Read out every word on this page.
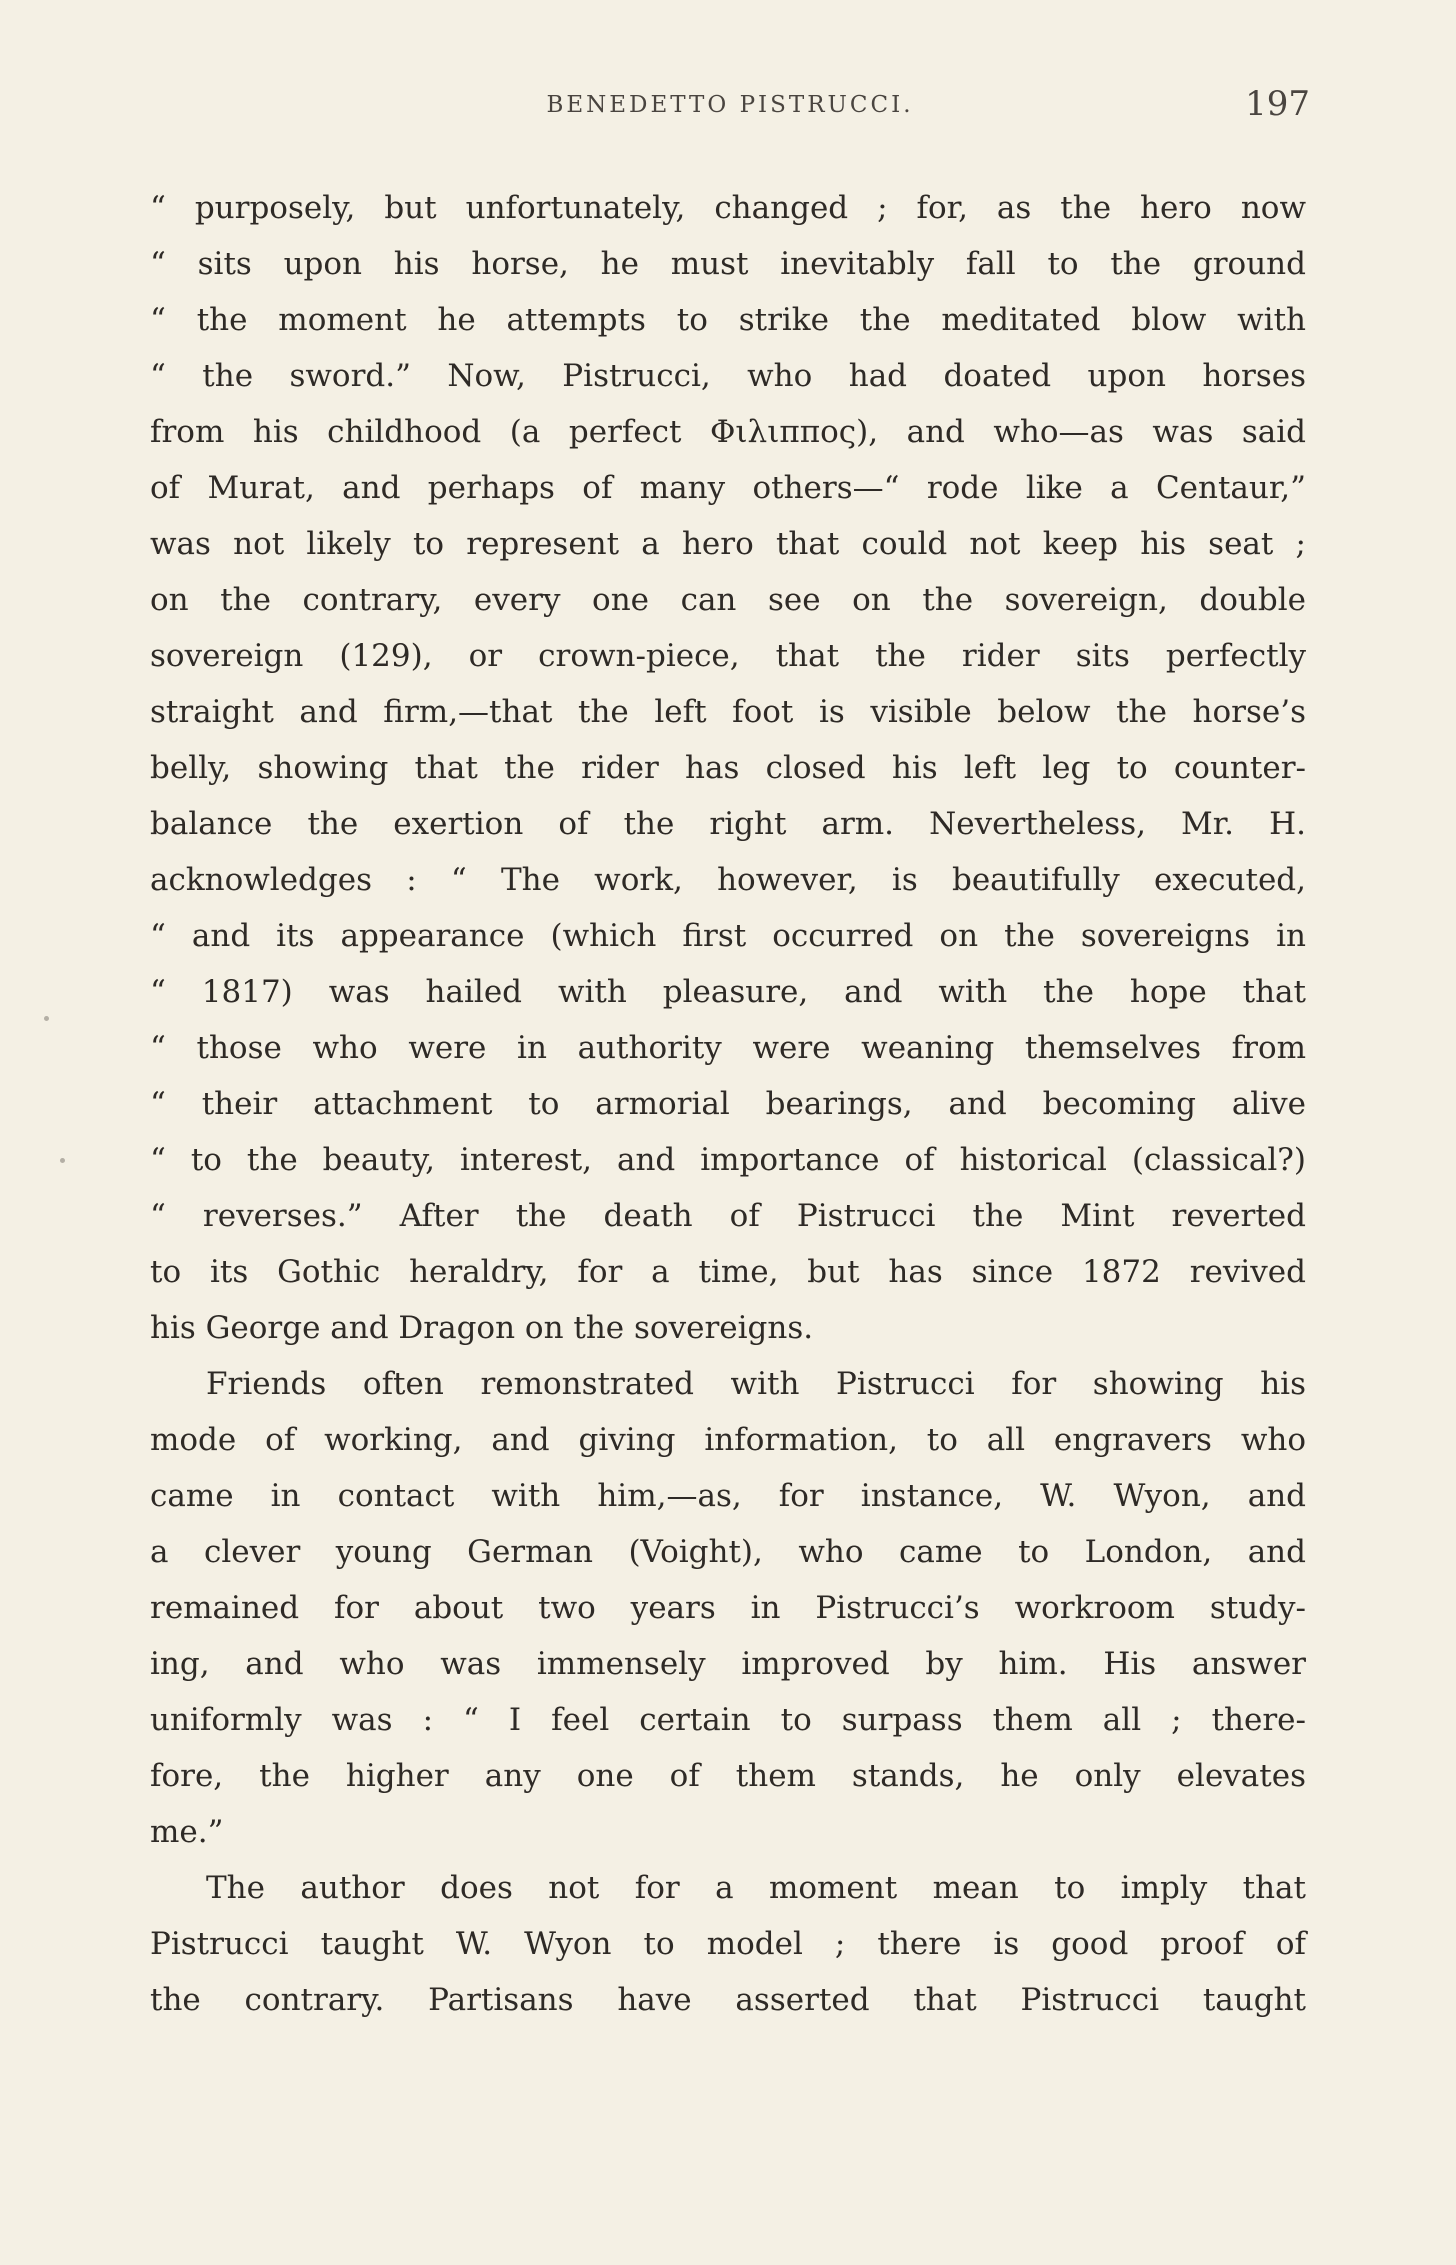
BENEDETTO PISTRUCCI.	197
“ purposely, but unfortunately, changed ; for, as the hero now
“ sits upon his horse, he must inevitably fall to the ground
“ the moment he attempts to strike the meditated blow with
“ the sword.” Now, Pistrucci, who had doated upon horses
from his childhood (a perfect Φιλιππος), and who—as was said
of Murat, and perhaps of many others—“ rode like a Centaur,”
was not likely to represent a hero that could not keep his seat ;
on the contrary, every one can see on the sovereign, double
sovereign (129), or crown-piece, that the rider sits perfectly
straight and firm,—that the left foot is visible below the horse’s
belly, showing that the rider has closed his left leg to counter-
balance the exertion of the right arm. Nevertheless, Mr. H.
acknowledges : “ The work, however, is beautifully executed,
“ and its appearance (which first occurred on the sovereigns in
“ 1817) was hailed with pleasure, and with the hope that
“ those who were in authority were weaning themselves from
“ their attachment to armorial bearings, and becoming alive
“ to the beauty, interest, and importance of historical (classical?)
“ reverses.” After the death of Pistrucci the Mint reverted
to its Gothic heraldry, for a time, but has since 1872 revived
his George and Dragon on the sovereigns.
Friends often remonstrated with Pistrucci for showing his
mode of working, and giving information, to all engravers who
came in contact with him,—as, for instance, W. Wyon, and
a clever young German (Voight), who came to London, and
remained for about two years in Pistrucci’s workroom study-
ing, and who was immensely improved by him. His answer
uniformly was : “ I feel certain to surpass them all ; there-
fore, the higher any one of them stands, he only elevates
me.”
The author does not for a moment mean to imply that
Pistrucci taught W. Wyon to model ; there is good proof of
the contrary. Partisans have asserted that Pistrucci taught
